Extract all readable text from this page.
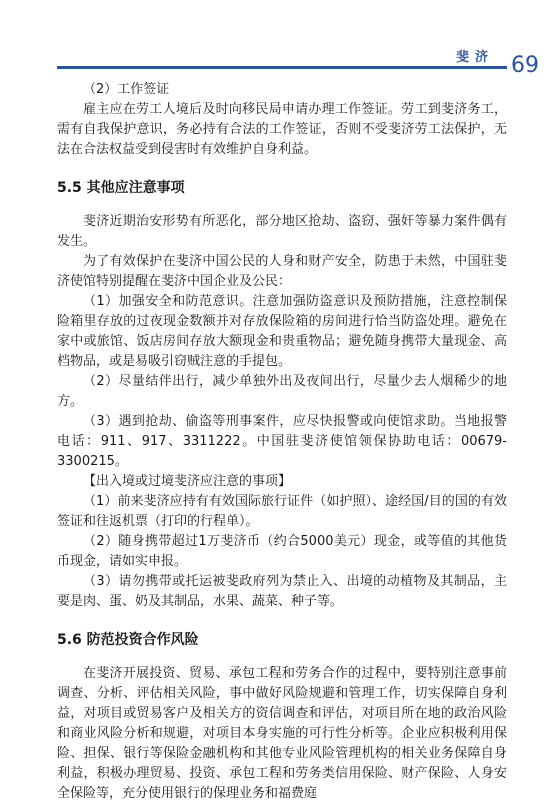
斐济 69

（2）工作签证

雇主应在劳工人境后及时向移民局申请办理工作签证。劳工到斐济务工，需有自我保护意识，务必持有合法的工作签证，否则不受斐济劳工法保护，无法在合法权益受到侵害时有效维护自身利益。

5.5 其他应注意事项

斐济近期治安形势有所恶化，部分地区抢劫、盗窃、强奸等暴力案件偶有发生。

为了有效保护在斐济中国公民的人身和财产安全，防患于未然，中国驻斐济使馆特别提醒在斐济中国企业及公民：

（1）加强安全和防范意识。注意加强防盗意识及预防措施，注意控制保险箱里存放的过夜现金数额并对存放保险箱的房间进行恰当防盗处理。避免在家中或旅馆、饭店房间存放大额现金和贵重物品；避免随身携带大量现金、高档物品，或是易吸引窃贼注意的手提包。

（2）尽量结伴出行，减少单独外出及夜间出行，尽量少去人烟稀少的地方。

（3）遇到抢劫、偷盗等刑事案件，应尽快报警或向使馆求助。当地报警电话：911、917、3311222。中国驻斐济使馆领保协助电话：00679-3300215。

【出入境或过境斐济应注意的事项】

（1）前来斐济应持有有效国际旅行证件（如护照）、途经国/目的国的有效签证和往返机票（打印的行程单）。

（2）随身携带超过1万斐济币（约合5000美元）现金，或等值的其他货币现金，请如实申报。

（3）请勿携带或托运被斐政府列为禁止入、出境的动植物及其制品，主要是肉、蛋、奶及其制品，水果、蔬菜、种子等。

5.6 防范投资合作风险

在斐济开展投资、贸易、承包工程和劳务合作的过程中，要特别注意事前调查、分析、评估相关风险，事中做好风险规避和管理工作，切实保障自身利益，对项目或贸易客户及相关方的资信调查和评估，对项目所在地的政治风险和商业风险分析和规避，对项目本身实施的可行性分析等。企业应积极利用保险、担保、银行等保险金融机构和其他专业风险管理机构的相关业务保障自身利益，积极办理贸易、投资、承包工程和劳务类信用保险、财产保险、人身安全保险等，充分使用银行的保理业务和福费庭
